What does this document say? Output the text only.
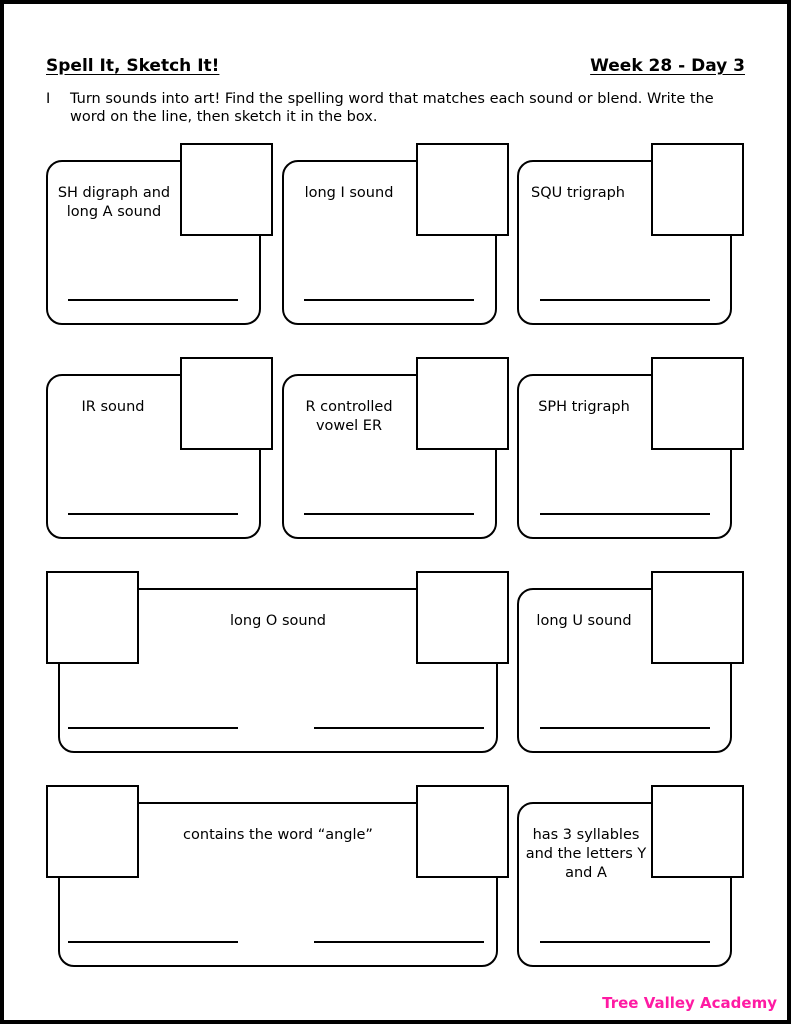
Spell It, Sketch It!	Week 28 - Day 3
I Turn sounds into art! Find the spelling word that matches each sound or blend. Write the word on the line, then sketch it in the box.
SH digraph and long A sound
long I sound	SQU trigraph
IR sound	R controlled vowel ER
SPH trigraph
long O sound	long U sound
contains the word “angle”	has 3 syllables and the letters Y and A
Tree Valley Academy
